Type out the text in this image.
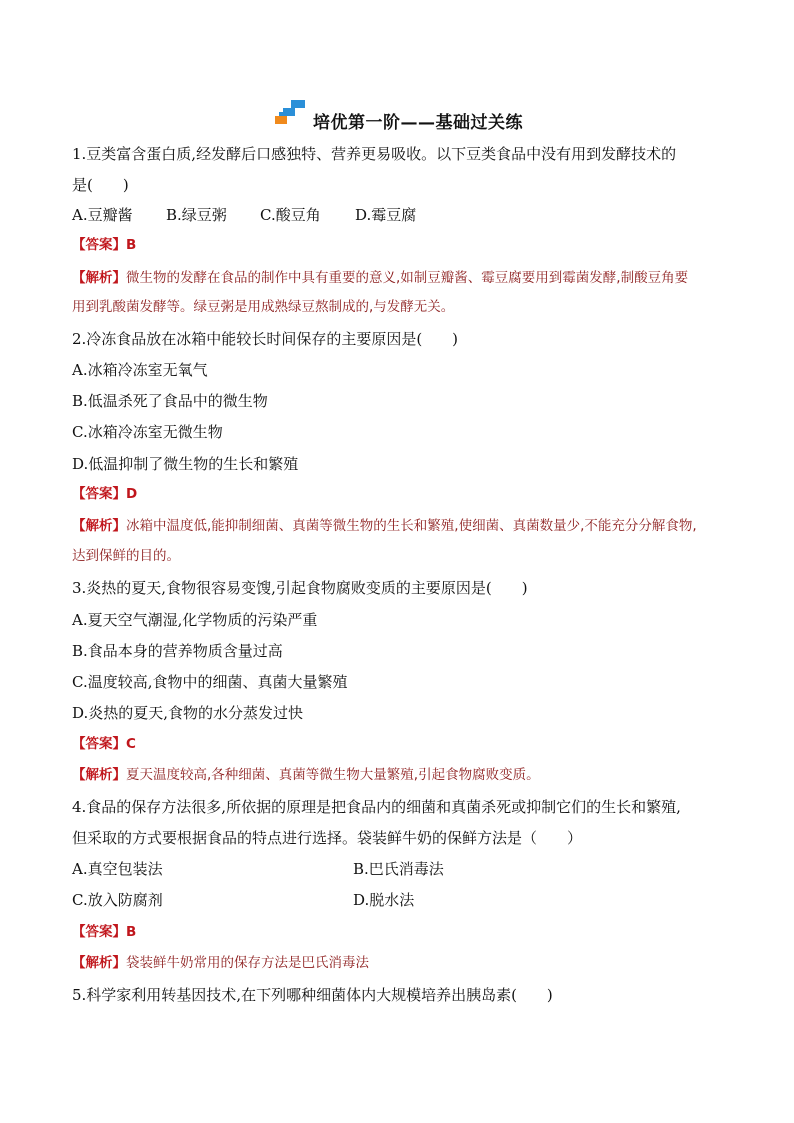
培优第一阶——基础过关练
1.豆类富含蛋白质,经发酵后口感独特、营养更易吸收。以下豆类食品中没有用到发酵技术的
是(　　)
A.豆瓣酱 B.绿豆粥 C.酸豆角 D.霉豆腐
【答案】B
【解析】微生物的发酵在食品的制作中具有重要的意义,如制豆瓣酱、霉豆腐要用到霉菌发酵,制酸豆角要
用到乳酸菌发酵等。绿豆粥是用成熟绿豆熬制成的,与发酵无关。
2.冷冻食品放在冰箱中能较长时间保存的主要原因是(　　)
A.冰箱冷冻室无氧气
B.低温杀死了食品中的微生物
C.冰箱冷冻室无微生物
D.低温抑制了微生物的生长和繁殖
【答案】D
【解析】冰箱中温度低,能抑制细菌、真菌等微生物的生长和繁殖,使细菌、真菌数量少,不能充分分解食物,
达到保鲜的目的。
3.炎热的夏天,食物很容易变馊,引起食物腐败变质的主要原因是(　　)
A.夏天空气潮湿,化学物质的污染严重
B.食品本身的营养物质含量过高
C.温度较高,食物中的细菌、真菌大量繁殖
D.炎热的夏天,食物的水分蒸发过快
【答案】C
【解析】夏天温度较高,各种细菌、真菌等微生物大量繁殖,引起食物腐败变质。
4.食品的保存方法很多,所依据的原理是把食品内的细菌和真菌杀死或抑制它们的生长和繁殖,
但采取的方式要根据食品的特点进行选择。袋装鲜牛奶的保鲜方法是（　　）
A.真空包装法	B.巴氏消毒法
C.放入防腐剂	D.脱水法
【答案】B
【解析】袋装鲜牛奶常用的保存方法是巴氏消毒法
5.科学家利用转基因技术,在下列哪种细菌体内大规模培养出胰岛素(　　)
